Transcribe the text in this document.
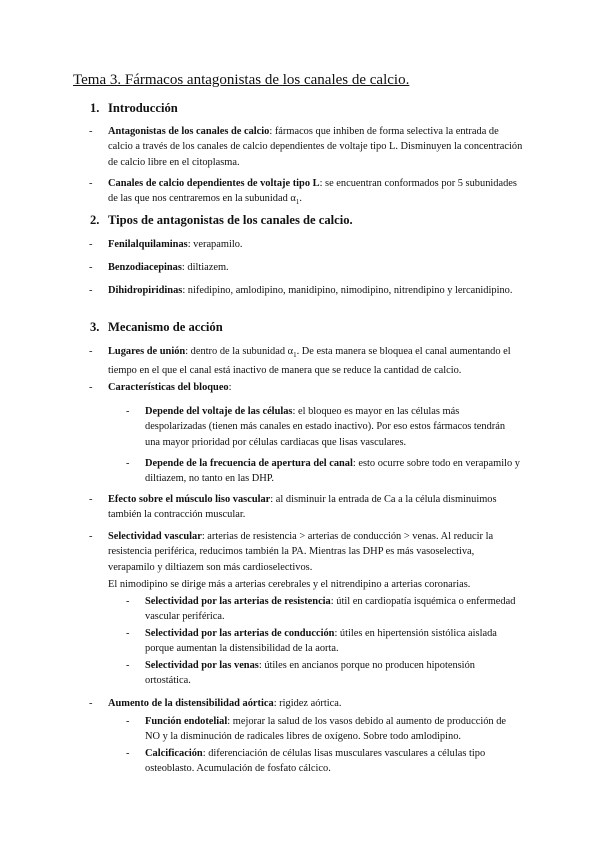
Tema 3. Fármacos antagonistas de los canales de calcio.
1. Introducción
- Antagonistas de los canales de calcio: fármacos que inhiben de forma selectiva la entrada de calcio a través de los canales de calcio dependientes de voltaje tipo L. Disminuyen la concentración de calcio libre en el citoplasma.
- Canales de calcio dependientes de voltaje tipo L: se encuentran conformados por 5 subunidades de las que nos centraremos en la subunidad $\alpha_1$.
2. Tipos de antagonistas de los canales de calcio.
- Fenilalquilaminas: verapamilo.
- Benzodiacepinas: diltiazem.
- Dihidropiridinas: nifedipino, amlodipino, manidipino, nimodipino, nitrendipino y lercanidipino.
3. Mecanismo de acción
- Lugares de unión: dentro de la subunidad $\alpha_1$. De esta manera se bloquea el canal aumentando el tiempo en el que el canal está inactivo de manera que se reduce la cantidad de calcio.
- Características del bloqueo:
- Depende del voltaje de las células: el bloqueo es mayor en las células más despolarizadas (tienen más canales en estado inactivo). Por eso estos fármacos tendrán una mayor prioridad por células cardiacas que lisas vasculares.
- Depende de la frecuencia de apertura del canal: esto ocurre sobre todo en verapamilo y diltiazem, no tanto en las DHP.
- Efecto sobre el músculo liso vascular: al disminuir la entrada de Ca a la célula disminuimos también la contracción muscular.
- Selectividad vascular: arterias de resistencia > arterias de conducción > venas. Al reducir la resistencia periférica, reducimos también la PA. Mientras las DHP es más vasoselectiva, verapamilo y diltiazem son más cardioselectivos.
El nimodipino se dirige más a arterias cerebrales y el nitrendipino a arterias coronarias.
- Selectividad por las arterias de resistencia: útil en cardiopatía isquémica o enfermedad vascular periférica.
- Selectividad por las arterias de conducción: útiles en hipertensión sistólica aislada porque aumentan la distensibilidad de la aorta.
- Selectividad por las venas: útiles en ancianos porque no producen hipotensión ortostática.
- Aumento de la distensibilidad aórtica: rigidez aórtica.
- Función endotelial: mejorar la salud de los vasos debido al aumento de producción de NO y la disminución de radicales libres de oxígeno. Sobre todo amlodipino.
- Calcificación: diferenciación de células lisas musculares vasculares a células tipo osteoblasto. Acumulación de fosfato cálcico.
